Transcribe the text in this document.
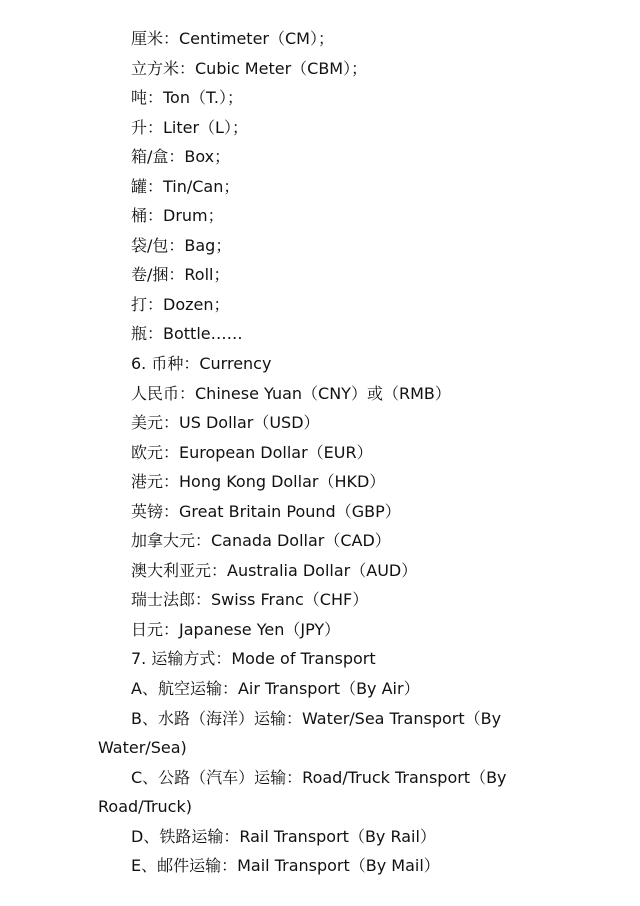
厘米：Centimeter（CM）；
立方米：Cubic Meter（CBM）；
吨：Ton（T.）；
升：Liter（L）；
箱/盒：Box；
罐：Tin/Can；
桶：Drum；
袋/包：Bag；
卷/捆：Roll；
打：Dozen；
瓶：Bottle……
6. 币种：Currency
人民币：Chinese Yuan（CNY）或（RMB）
美元：US Dollar（USD）
欧元：European Dollar（EUR）
港元：Hong Kong Dollar（HKD）
英镑：Great Britain Pound（GBP）
加拿大元：Canada Dollar（CAD）
澳大利亚元：Australia Dollar（AUD）
瑞士法郎：Swiss Franc（CHF）
日元：Japanese Yen（JPY）
7. 运输方式：Mode of Transport
A、航空运输：Air Transport（By Air）
B、水路（海洋）运输：Water/Sea Transport（By
Water/Sea)
C、公路（汽车）运输：Road/Truck Transport（By
Road/Truck)
D、铁路运输：Rail Transport（By Rail）
E、邮件运输：Mail Transport（By Mail）
